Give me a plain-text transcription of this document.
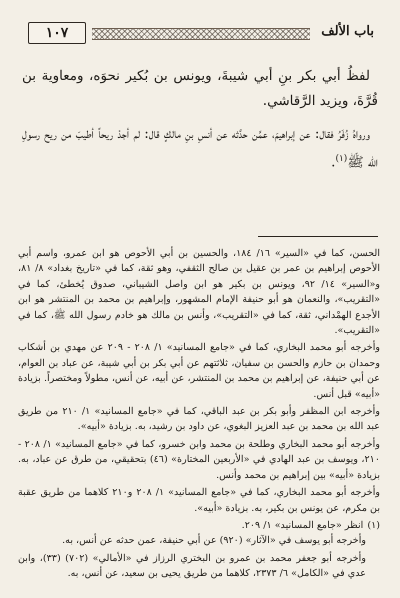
باب الألف
١٠٧

لفظُ أبي بكر بنِ أبي شيبةَ، ويونس بن بُكير نحوَه، ومعاوية بن قُرَّةَ، ويزيد الرَّقاشي.

ورواهُ زُفَرُ فقال: عن إبراهيمَ، عمَّن حدَّثه عن أنسِ بنِ مالكٍ قال: لم أجدْ ريحاً أطيبَ من ريح رسولِ الله ﷺ$^{(١)}$.

الحسن، كما في «السير» ١٦/ ١٨٤، والحسين بن أبي الأحوص هو ابن عمرو، واسم أبي الأحوص إبراهيم بن عمر بن عقيل بن صالح الثقفي، وهو ثقة، كما في «تاريخ بغداد» ٨/ ٨١، و«السير» ١٤/ ٩٢، ويونس بن بكير هو ابن واصل الشيباني، صدوق يُخطئ، كما في «التقريب»، والنعمان هو أبو حنيفة الإمام المشهور، وإبراهيم بن محمد بن المنتشر هو ابن الأجدع الهمْداني، ثقة، كما في «التقريب»، وأنس بن مالك هو خادم رسول الله ﷺ، كما في «التقريب».

وأخرجه أبو محمد البخاري، كما في «جامع المسانيد» ١/ ٢٠٨ - ٢٠٩ عن مهدي بن أشكاب وحمدان بن حازم والحسن بن سفيان، ثلاثتهم عن أبي بكر بن أبي شيبة، عن عباد بن العوام، عن أبي حنيفة، عن إبراهيم بن محمد بن المنتشر، عن أبيه، عن أنس، مطولاً ومختصراً. بزيادة «أبيه» قبل أنس.

وأخرجه ابن المظفر وأبو بكر بن عبد الباقي، كما في «جامع المسانيد» ١/ ٢١٠ من طريق عبد الله بن محمد بن عبد العزيز البغوي، عن داود بن رشيد، به. بزيادة «أبيه».

وأخرجه أبو محمد البخاري وطلحة بن محمد وابن خسرو، كما في «جامع المسانيد» ١/ ٢٠٨ - ٢١٠، ويوسف بن عبد الهادي في «الأربعين المختارة» (٤٦) بتحقيقي، من طرق عن عباد، به. بزيادة «أبيه» بين إبراهيم بن محمد وأنس.

وأخرجه أبو محمد البخاري، كما في «جامع المسانيد» ١/ ٢٠٨ و٢١٠ كلاهما من طريق عقبة بن مكرم، عن يونس بن بكير، به. بزيادة «أبيه».

(١)
انظر «جامع المسانيد» ١/ ٢٠٩.

وأخرجه أبو يوسف في «الآثار» (٩٢٠) عن أبي حنيفة، عمن حدثه عن أنس، به.

وأخرجه أبو جعفر محمد بن عمرو بن البختري الرزاز في «الأمالي» (٧٠٢) (٣٣)، وابن عدي في «الكامل» ٦/ ٢٣٧٣، كلاهما من طريق يحيى بن سعيد، عن أنس، به.
